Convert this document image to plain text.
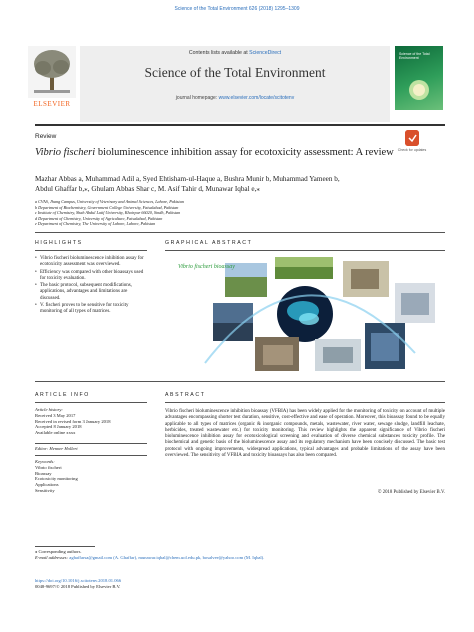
Science of the Total Environment 626 (2018) 1295–1309
Contents lists available at ScienceDirect
Science of the Total Environment
journal homepage: www.elsevier.com/locate/scitotenv
ELSEVIER
Science of the Total Environment
Review
Vibrio fischeri bioluminescence inhibition assay for ecotoxicity assessment: A review	Check for updates
Mazhar Abbas a, Muhammad Adil a, Syed Ehtisham-ul-Haque a, Bushra Munir b, Muhammad Yameen b,
Abdul Ghaffar b,⁎, Ghulam Abbas Shar c, M. Asif Tahir d, Munawar Iqbal e,⁎
a CVAS, Jhang Campus, University of Veterinary and Animal Sciences, Lahore, Pakistan
b Department of Biochemistry, Government College University, Faisalabad, Pakistan
c Institute of Chemistry, Shah Abdul Latif University, Khairpur 66020, Sindh, Pakistan
d Department of Chemistry, University of Agriculture, Faisalabad, Pakistan
e Department of Chemistry, The University of Lahore, Lahore, Pakistan
HIGHLIGHTS
• Vibrio fischeri bioluminescence inhibition assay for ecotoxicity assessment was overviewed.
• Efficiency was compared with other bioassays used for toxicity evaluation.
• The basic protocol, subsequent modifications, applications, advantages and limitations are discussed.
• V. fischeri proves to be sensitive for toxicity monitoring of all types of matrices.
GRAPHICAL ABSTRACT
Vibrio fischeri bioassay
ARTICLE INFO
Article history:
Received 3 May 2017
Received in revised form 3 January 2018
Accepted 8 January 2018
Available online xxxx
Editor: Henner Hollert
Keywords:
Vibrio fischeri
Bioassay
Ecotoxicity monitoring
Applications
Sensitivity
ABSTRACT
Vibrio fischeri bioluminescence inhibition bioassay (VFBIA) has been widely applied for the monitoring of toxicity on account of multiple advantages encompassing shorter test duration, sensitive, cost-effective and ease of operation. Moreover, this bioassay found to be equally applicable to all types of matrices (organic & inorganic compounds, metals, wastewater, river water, sewage sludge, landfill leachate, herbicides, treated wastewater etc.) for toxicity monitoring. This review highlights the apparent significance of Vibrio fischeri bioluminescence inhibition assay for ecotoxicological screening and evaluation of diverse chemical substances toxicity profile. The biochemical and genetic basis of the bioluminescence assay and its regulatory mechanism have been concisely discussed. The basic test protocol with ongoing improvements, widespread applications, typical advantages and probable limitations of the assay have been overviewed. The sensitivity of VFBIA and toxicity bioassays has also been compared.
© 2018 Published by Elsevier B.V.
⁎ Corresponding authors.
E-mail addresses: aghaffarsa@gmail.com (A. Ghaffar), munawar.iqbal@chem.uol.edu.pk, bosalvee@yahoo.com (M. Iqbal).
https://doi.org/10.1016/j.scitotenv.2018.01.066
0048-9697/© 2018 Published by Elsevier B.V.
